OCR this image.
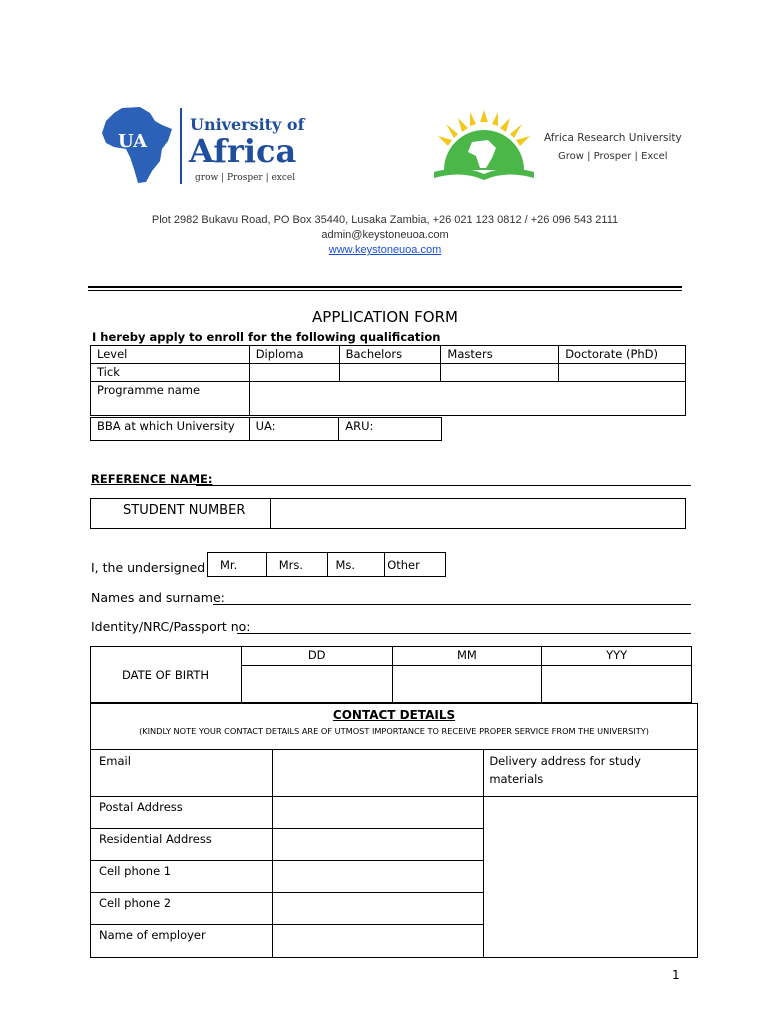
UA
University of
Africa
grow | Prosper | excel
Africa Research University
Grow | Prosper | Excel
Plot 2982 Bukavu Road, PO Box 35440, Lusaka Zambia, +26 021 123 0812 / +26 096 543 2111
admin@keystoneuoa.com
www.keystoneuoa.com
APPLICATION FORM
I hereby apply to enroll for the following qualification
Level	Diploma	Bachelors	Masters	Doctorate (PhD)
Tick				
Programme name				
BBA at which University	UA:	ARU:
REFERENCE NAME:
STUDENT NUMBER	
I, the undersigned Mr.	Mrs.	Ms.	Other
Names and surname:
Identity/NRC/Passport no:
DATE OF BIRTH	DD	MM	YYY

CONTACT DETAILS
(KINDLY NOTE YOUR CONTACT DETAILS ARE OF UTMOST IMPORTANCE TO RECEIVE PROPER SERVICE FROM THE UNIVERSITY)
Email		Delivery address for study materials
Postal Address		
Residential Address		
Cell phone 1		
Cell phone 2		
Name of employer		
1
